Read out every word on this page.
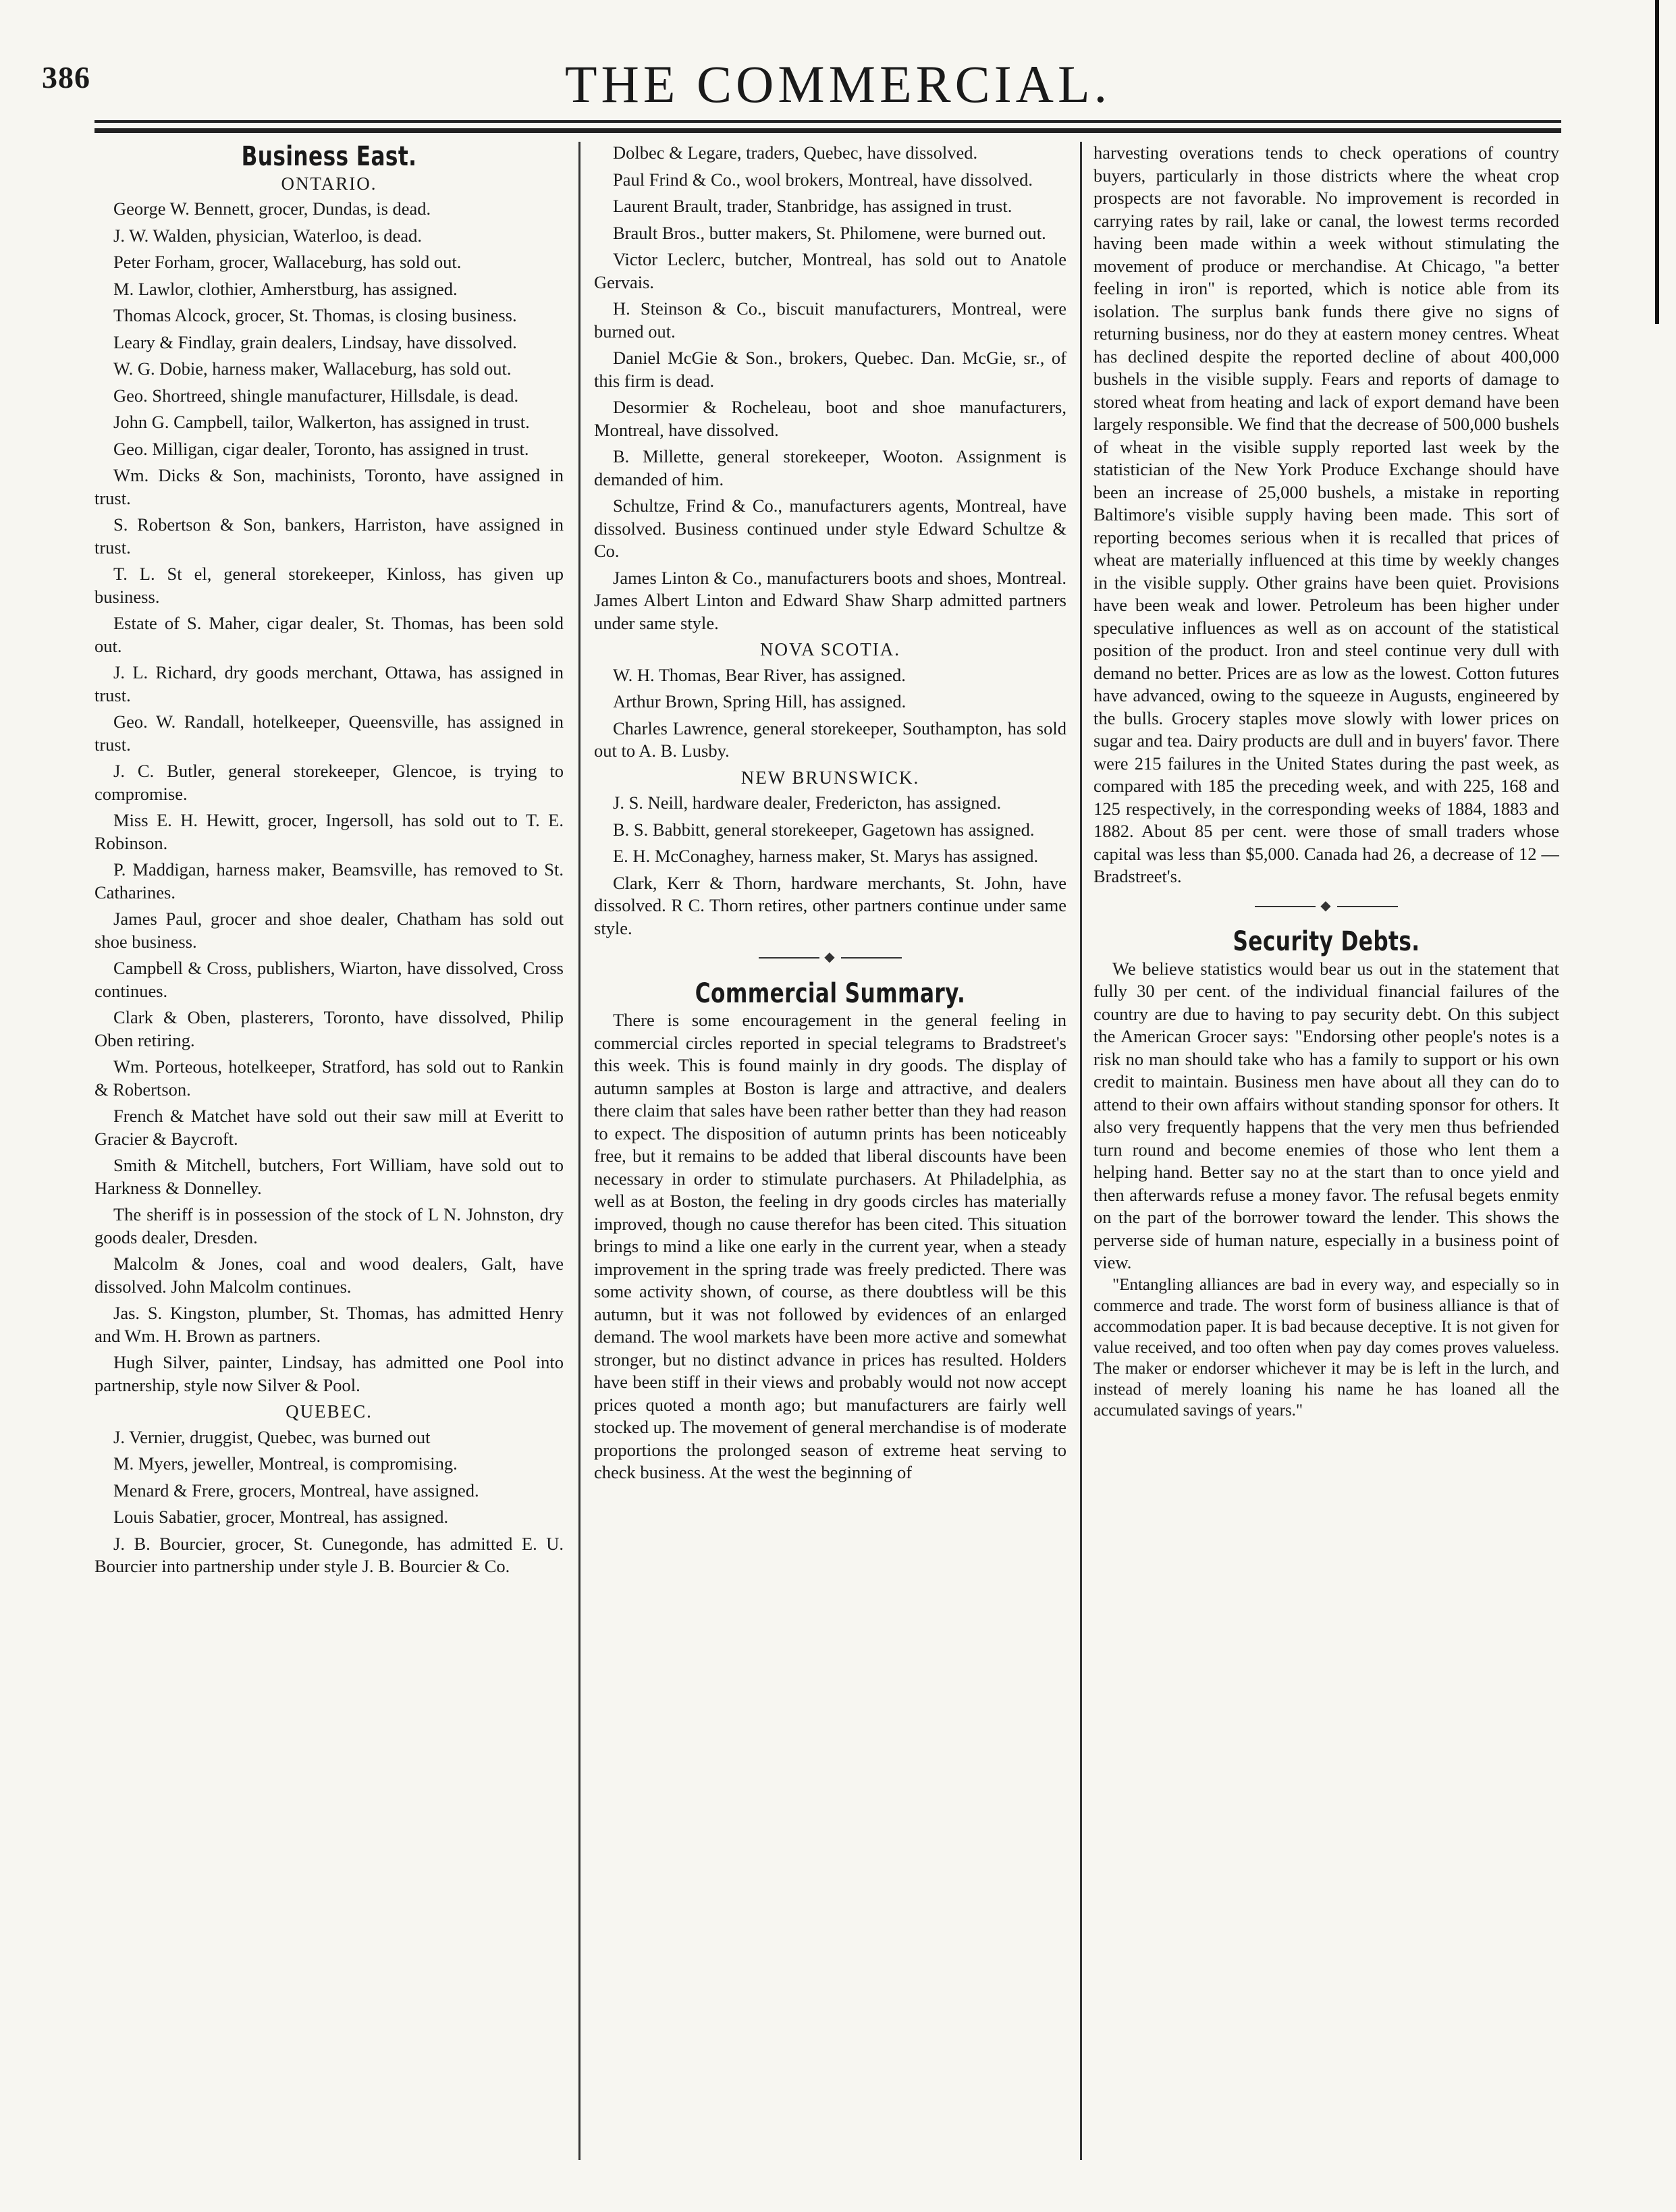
386	THE COMMERCIAL.
Business East.
ONTARIO.

George W. Bennett, grocer, Dundas, is dead.

J. W. Walden, physician, Waterloo, is dead.

Peter Forham, grocer, Wallaceburg, has sold out.

M. Lawlor, clothier, Amherstburg, has assigned.

Thomas Alcock, grocer, St. Thomas, is closing business.

Leary & Findlay, grain dealers, Lindsay, have dissolved.

W. G. Dobie, harness maker, Wallaceburg, has sold out.

Geo. Shortreed, shingle manufacturer, Hillsdale, is dead.

John G. Campbell, tailor, Walkerton, has assigned in trust.

Geo. Milligan, cigar dealer, Toronto, has assigned in trust.

Wm. Dicks & Son, machinists, Toronto, have assigned in trust.

S. Robertson & Son, bankers, Harriston, have assigned in trust.

T. L. St el, general storekeeper, Kinloss, has given up business.

Estate of S. Maher, cigar dealer, St. Thomas, has been sold out.

J. L. Richard, dry goods merchant, Ottawa, has assigned in trust.

Geo. W. Randall, hotelkeeper, Queensville, has assigned in trust.

J. C. Butler, general storekeeper, Glencoe, is trying to compromise.

Miss E. H. Hewitt, grocer, Ingersoll, has sold out to T. E. Robinson.

P. Maddigan, harness maker, Beamsville, has removed to St. Catharines.

James Paul, grocer and shoe dealer, Chatham has sold out shoe business.

Campbell & Cross, publishers, Wiarton, have dissolved, Cross continues.

Clark & Oben, plasterers, Toronto, have dissolved, Philip Oben retiring.

Wm. Porteous, hotelkeeper, Stratford, has sold out to Rankin & Robertson.

French & Matchet have sold out their saw mill at Everitt to Gracier & Baycroft.

Smith & Mitchell, butchers, Fort William, have sold out to Harkness & Donnelley.

The sheriff is in possession of the stock of L N. Johnston, dry goods dealer, Dresden.

Malcolm & Jones, coal and wood dealers, Galt, have dissolved. John Malcolm continues.

Jas. S. Kingston, plumber, St. Thomas, has admitted Henry and Wm. H. Brown as partners.

Hugh Silver, painter, Lindsay, has admitted one Pool into partnership, style now Silver & Pool.

QUEBEC.

J. Vernier, druggist, Quebec, was burned out

M. Myers, jeweller, Montreal, is compromising.

Menard & Frere, grocers, Montreal, have assigned.

Louis Sabatier, grocer, Montreal, has assigned.

J. B. Bourcier, grocer, St. Cunegonde, has admitted E. U. Bourcier into partnership under style J. B. Bourcier & Co.

Dolbec & Legare, traders, Quebec, have dissolved.

Paul Frind & Co., wool brokers, Montreal, have dissolved.

Laurent Brault, trader, Stanbridge, has assigned in trust.

Brault Bros., butter makers, St. Philomene, were burned out.

Victor Leclerc, butcher, Montreal, has sold out to Anatole Gervais.

H. Steinson & Co., biscuit manufacturers, Montreal, were burned out.

Daniel McGie & Son., brokers, Quebec. Dan. McGie, sr., of this firm is dead.

Desormier & Rocheleau, boot and shoe manufacturers, Montreal, have dissolved.

B. Millette, general storekeeper, Wooton. Assignment is demanded of him.

Schultze, Frind & Co., manufacturers agents, Montreal, have dissolved. Business continued under style Edward Schultze & Co.

James Linton & Co., manufacturers boots and shoes, Montreal. James Albert Linton and Edward Shaw Sharp admitted partners under same style.

NOVA SCOTIA.

W. H. Thomas, Bear River, has assigned.

Arthur Brown, Spring Hill, has assigned.

Charles Lawrence, general storekeeper, Southampton, has sold out to A. B. Lusby.

NEW BRUNSWICK.

J. S. Neill, hardware dealer, Fredericton, has assigned.

B. S. Babbitt, general storekeeper, Gagetown has assigned.

E. H. McConaghey, harness maker, St. Marys has assigned.

Clark, Kerr & Thorn, hardware merchants, St. John, have dissolved. R C. Thorn retires, other partners continue under same style.

◆
Commercial Summary.

There is some encouragement in the general feeling in commercial circles reported in special telegrams to Bradstreet's this week. This is found mainly in dry goods. The display of autumn samples at Boston is large and attractive, and dealers there claim that sales have been rather better than they had reason to expect. The disposition of autumn prints has been noticeably free, but it remains to be added that liberal discounts have been necessary in order to stimulate purchasers. At Philadelphia, as well as at Boston, the feeling in dry goods circles has materially improved, though no cause therefor has been cited. This situation brings to mind a like one early in the current year, when a steady improvement in the spring trade was freely predicted. There was some activity shown, of course, as there doubtless will be this autumn, but it was not followed by evidences of an enlarged demand. The wool markets have been more active and somewhat stronger, but no distinct advance in prices has resulted. Holders have been stiff in their views and probably would not now accept prices quoted a month ago; but manufacturers are fairly well stocked up. The movement of general merchandise is of moderate proportions the prolonged season of extreme heat serving to check business. At the west the beginning of

harvesting overations tends to check operations of country buyers, particularly in those districts where the wheat crop prospects are not favorable. No improvement is recorded in carrying rates by rail, lake or canal, the lowest terms recorded having been made within a week without stimulating the movement of produce or merchandise. At Chicago, "a better feeling in iron" is reported, which is notice able from its isolation. The surplus bank funds there give no signs of returning business, nor do they at eastern money centres. Wheat has declined despite the reported decline of about 400,000 bushels in the visible supply. Fears and reports of damage to stored wheat from heating and lack of export demand have been largely responsible. We find that the decrease of 500,000 bushels of wheat in the visible supply reported last week by the statistician of the New York Produce Exchange should have been an increase of 25,000 bushels, a mistake in reporting Baltimore's visible supply having been made. This sort of reporting becomes serious when it is recalled that prices of wheat are materially influenced at this time by weekly changes in the visible supply. Other grains have been quiet. Provisions have been weak and lower. Petroleum has been higher under speculative influences as well as on account of the statistical position of the product. Iron and steel continue very dull with demand no better. Prices are as low as the lowest. Cotton futures have advanced, owing to the squeeze in Augusts, engineered by the bulls. Grocery staples move slowly with lower prices on sugar and tea. Dairy products are dull and in buyers' favor. There were 215 failures in the United States during the past week, as compared with 185 the preceding week, and with 225, 168 and 125 respectively, in the corresponding weeks of 1884, 1883 and 1882. About 85 per cent. were those of small traders whose capital was less than $5,000. Canada had 26, a decrease of 12 —Bradstreet's.

◆
Security Debts.

We believe statistics would bear us out in the statement that fully 30 per cent. of the individual financial failures of the country are due to having to pay security debt. On this subject the American Grocer says: "Endorsing other people's notes is a risk no man should take who has a family to support or his own credit to maintain. Business men have about all they can do to attend to their own affairs without standing sponsor for others. It also very frequently happens that the very men thus befriended turn round and become enemies of those who lent them a helping hand. Better say no at the start than to once yield and then afterwards refuse a money favor. The refusal begets enmity on the part of the borrower toward the lender. This shows the perverse side of human nature, especially in a business point of view.

"Entangling alliances are bad in every way, and especially so in commerce and trade. The worst form of business alliance is that of accommodation paper. It is bad because deceptive. It is not given for value received, and too often when pay day comes proves valueless. The maker or endorser whichever it may be is left in the lurch, and instead of merely loaning his name he has loaned all the accumulated savings of years."
